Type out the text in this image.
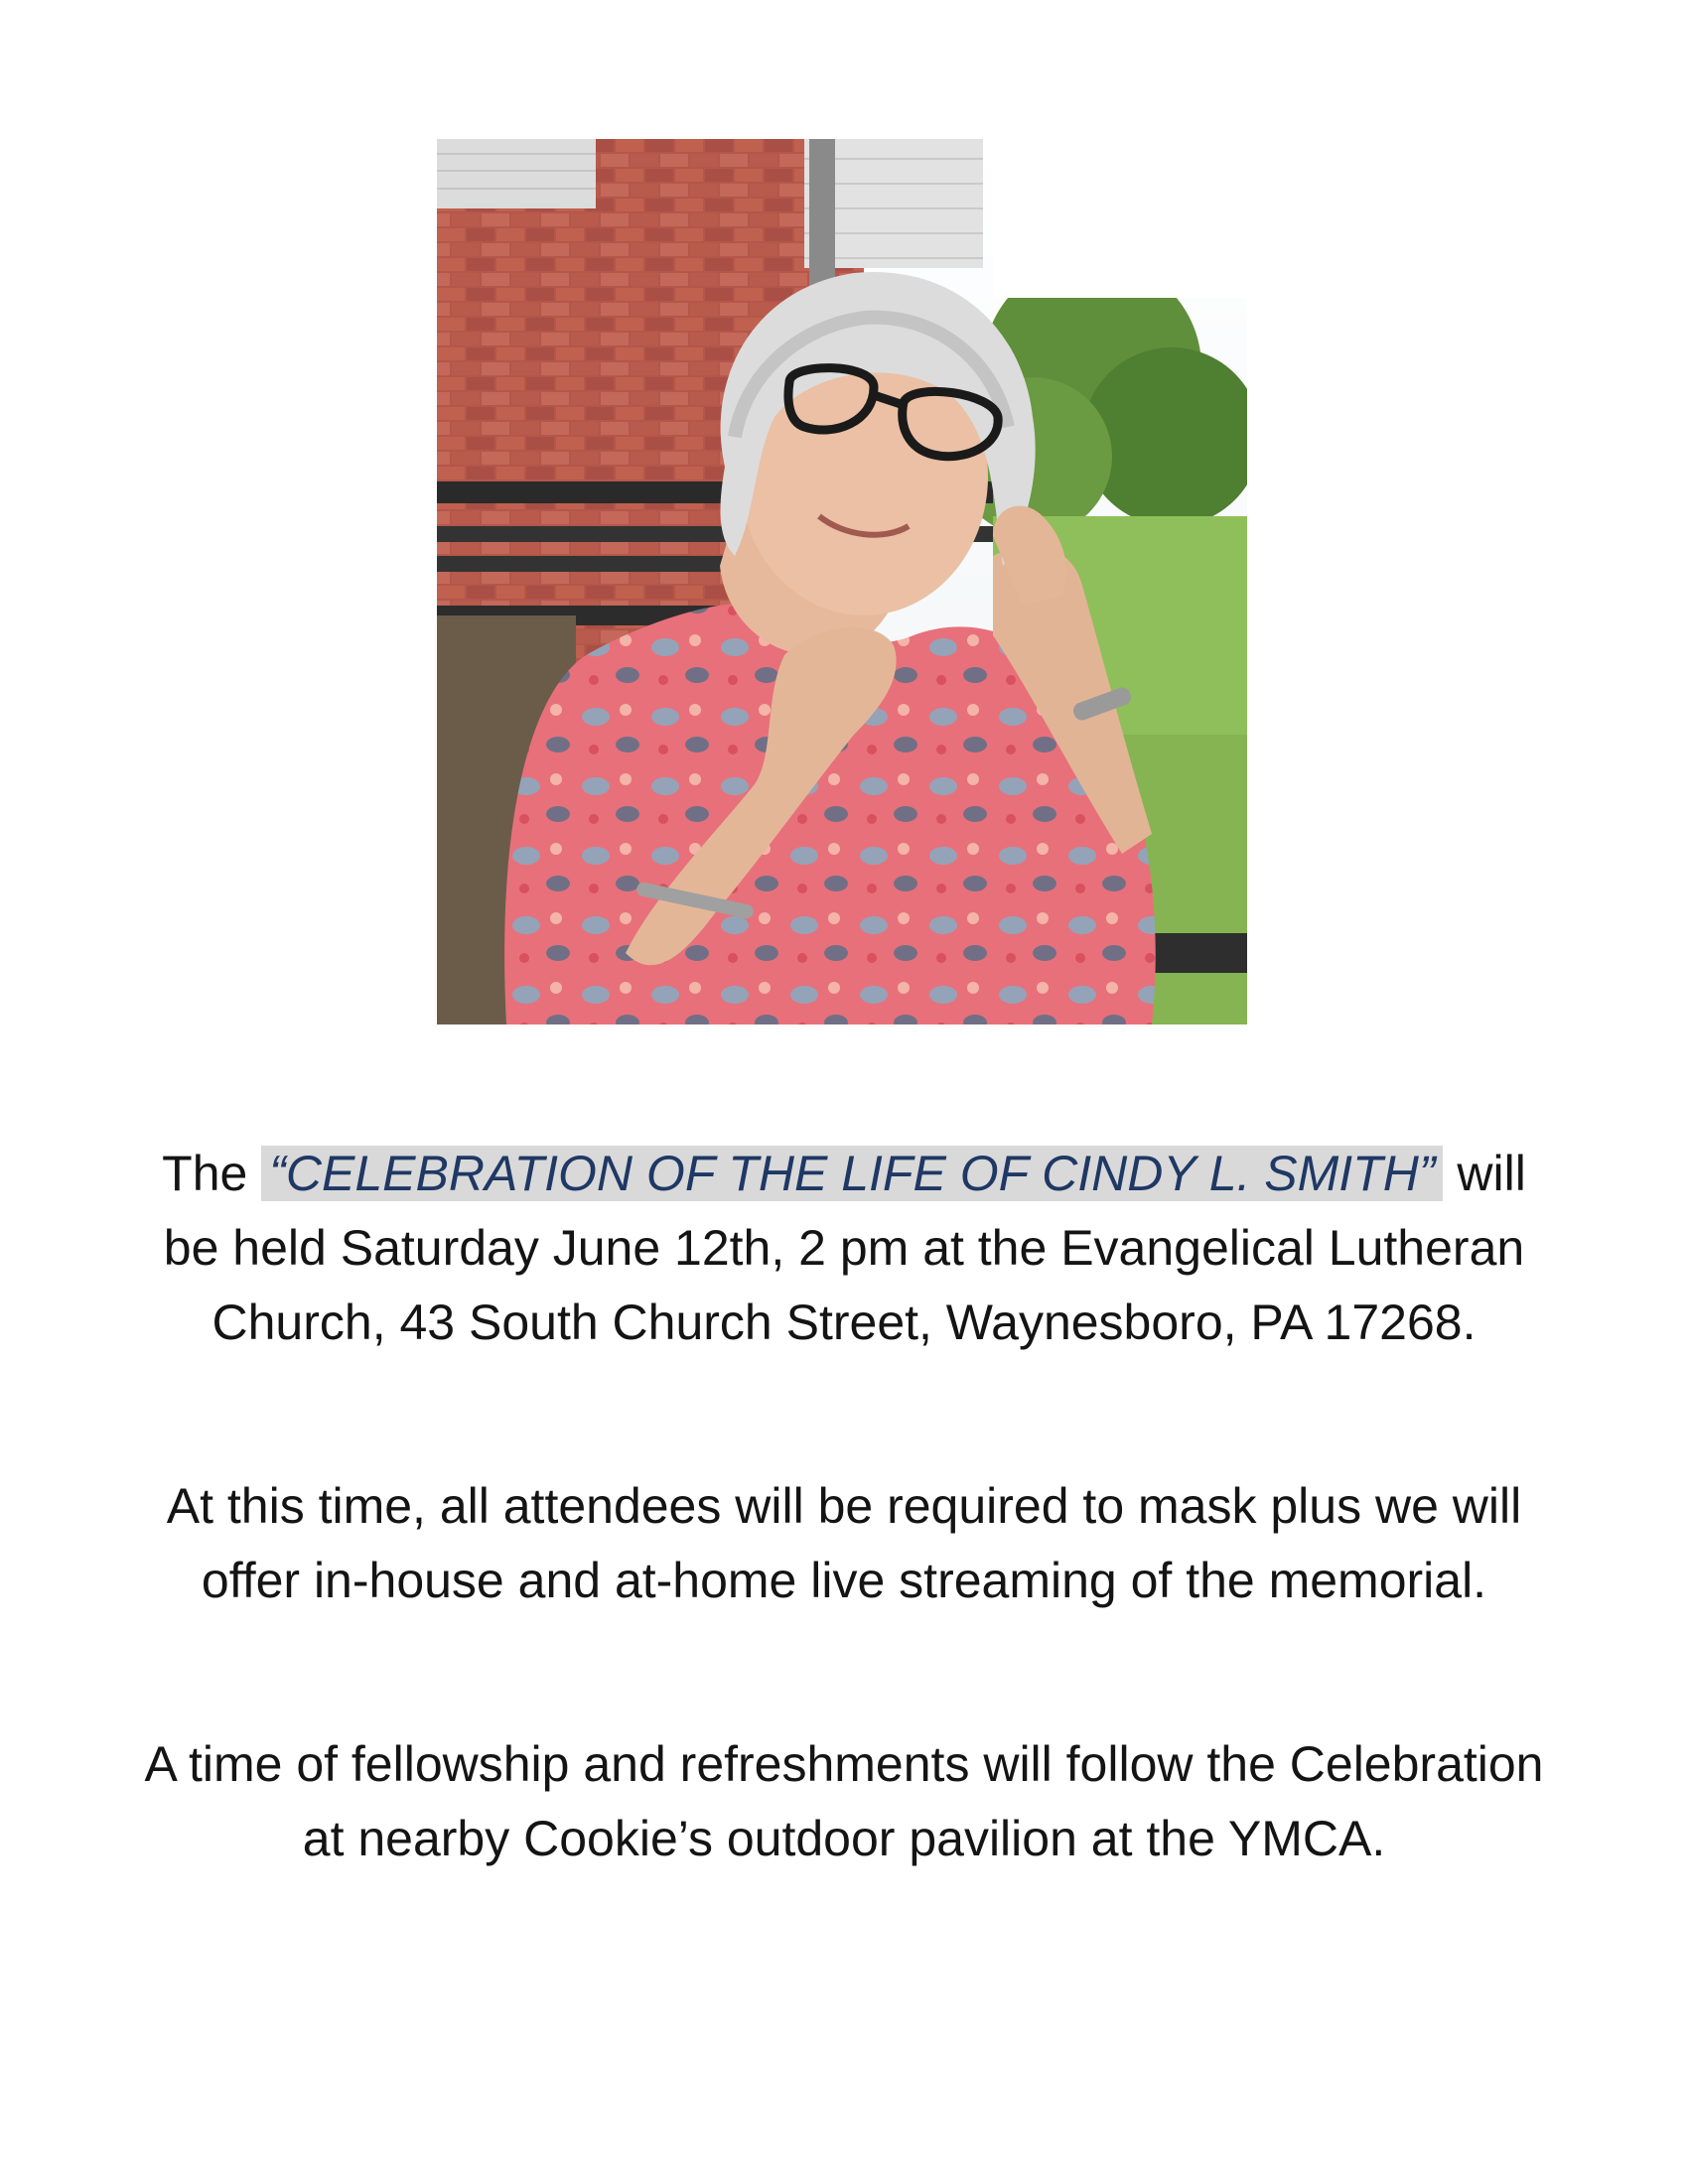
The “CELEBRATION OF THE LIFE OF CINDY L. SMITH” will be held Saturday June 12th, 2 pm at the Evangelical Lutheran Church, 43 South Church Street, Waynesboro, PA 17268.
At this time, all attendees will be required to mask plus we will offer in-house and at-home live streaming of the memorial.
A time of fellowship and refreshments will follow the Celebration at nearby Cookie’s outdoor pavilion at the YMCA.
